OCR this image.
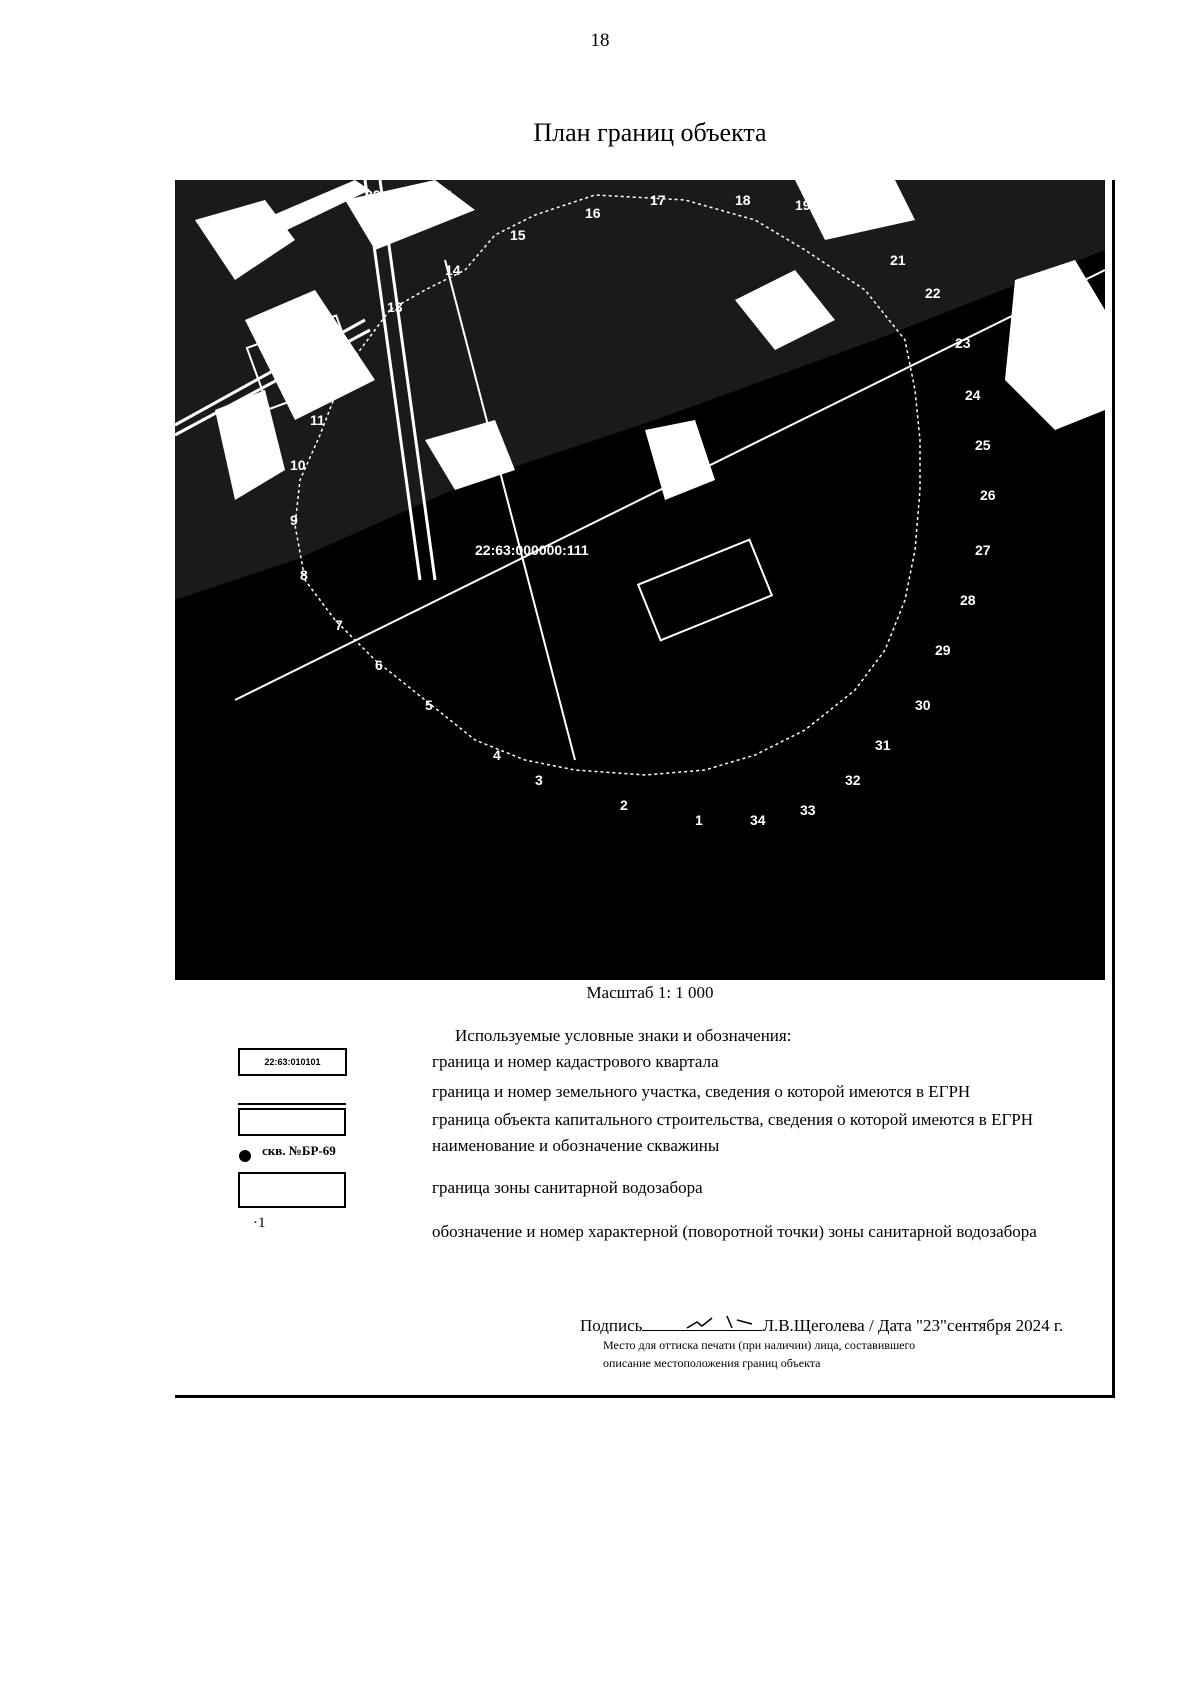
18
План границ объекта
22:63:030508
22:63:000000:111
13
14
15
16
17	18	19
20
21
22
23
24
25
26
27
28
29
30
31
32
33
34
1
2
3
4
5
6
7
8
9
10
11
12
Масштаб 1: 1 000
Используемые условные знаки и обозначения:
22:63:010101	граница и номер кадастрового квартала
граница и номер земельного участка, сведения о которой имеются в ЕГРН
граница объекта капитального строительства, сведения о которой имеются в ЕГРН
скв. №БР-69	наименование и обозначение скважины
граница зоны санитарной водозабора
·1	обозначение и номер характерной (поворотной точки) зоны санитарной водозабора
Подпись	Л.В.Щеголева / Дата "23"сентября 2024 г.
Место для оттиска печати (при наличии) лица, составившего
описание местоположения границ объекта
